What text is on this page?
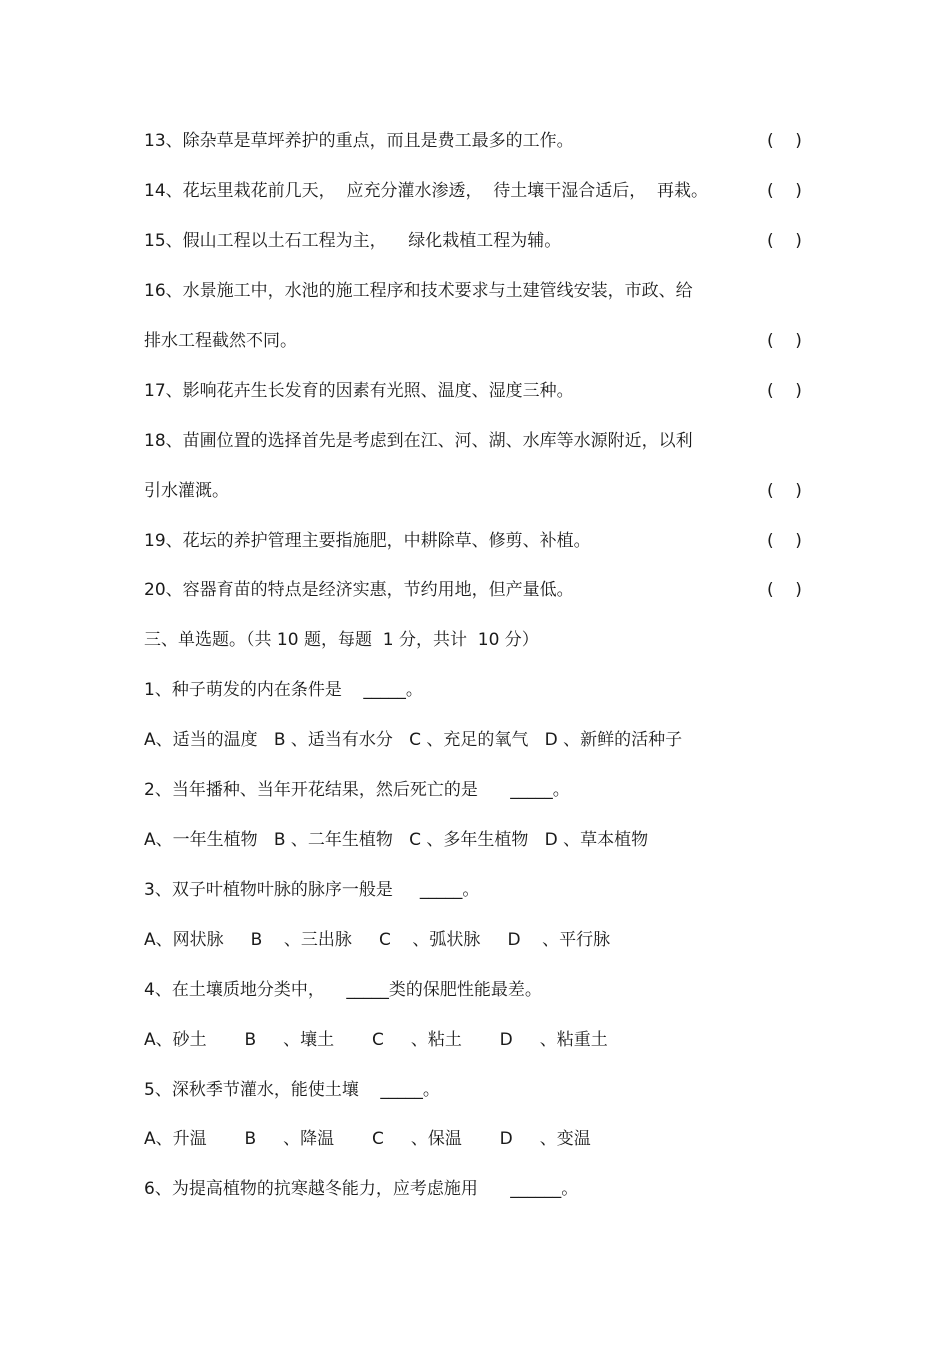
13、除杂草是草坪养护的重点，而且是费工最多的工作。	(    )
14、花坛里栽花前几天，  应充分灌水渗透，  待土壤干湿合适后，  再栽。	(    )
15、假山工程以土石工程为主，    绿化栽植工程为辅。	(    )
16、水景施工中，水池的施工程序和技术要求与土建管线安装，市政、给
排水工程截然不同。	(    )
17、影响花卉生长发育的因素有光照、温度、湿度三种。	(    )
18、苗圃位置的选择首先是考虑到在江、河、湖、水库等水源附近，以利
引水灌溉。	(    )
19、花坛的养护管理主要指施肥，中耕除草、修剪、补植。	(    )
20、容器育苗的特点是经济实惠，节约用地，但产量低。	(    )
三、单选题。（共 10 题，每题  1 分，共计  10 分）
1、种子萌发的内在条件是    _____。
A、适当的温度   B 、适当有水分   C 、充足的氧气   D 、新鲜的活种子
2、当年播种、当年开花结果，然后死亡的是      _____。
A、一年生植物   B 、二年生植物   C 、多年生植物   D 、草本植物
3、双子叶植物叶脉的脉序一般是     _____。
A、网状脉     B    、三出脉     C    、弧状脉     D    、平行脉
4、在土壤质地分类中，    _____类的保肥性能最差。
A、砂土       B     、壤土       C     、粘土       D     、粘重土
5、深秋季节灌水，能使土壤    _____。
A、升温       B     、降温       C     、保温       D     、变温
6、为提高植物的抗寒越冬能力，应考虑施用      ______。
